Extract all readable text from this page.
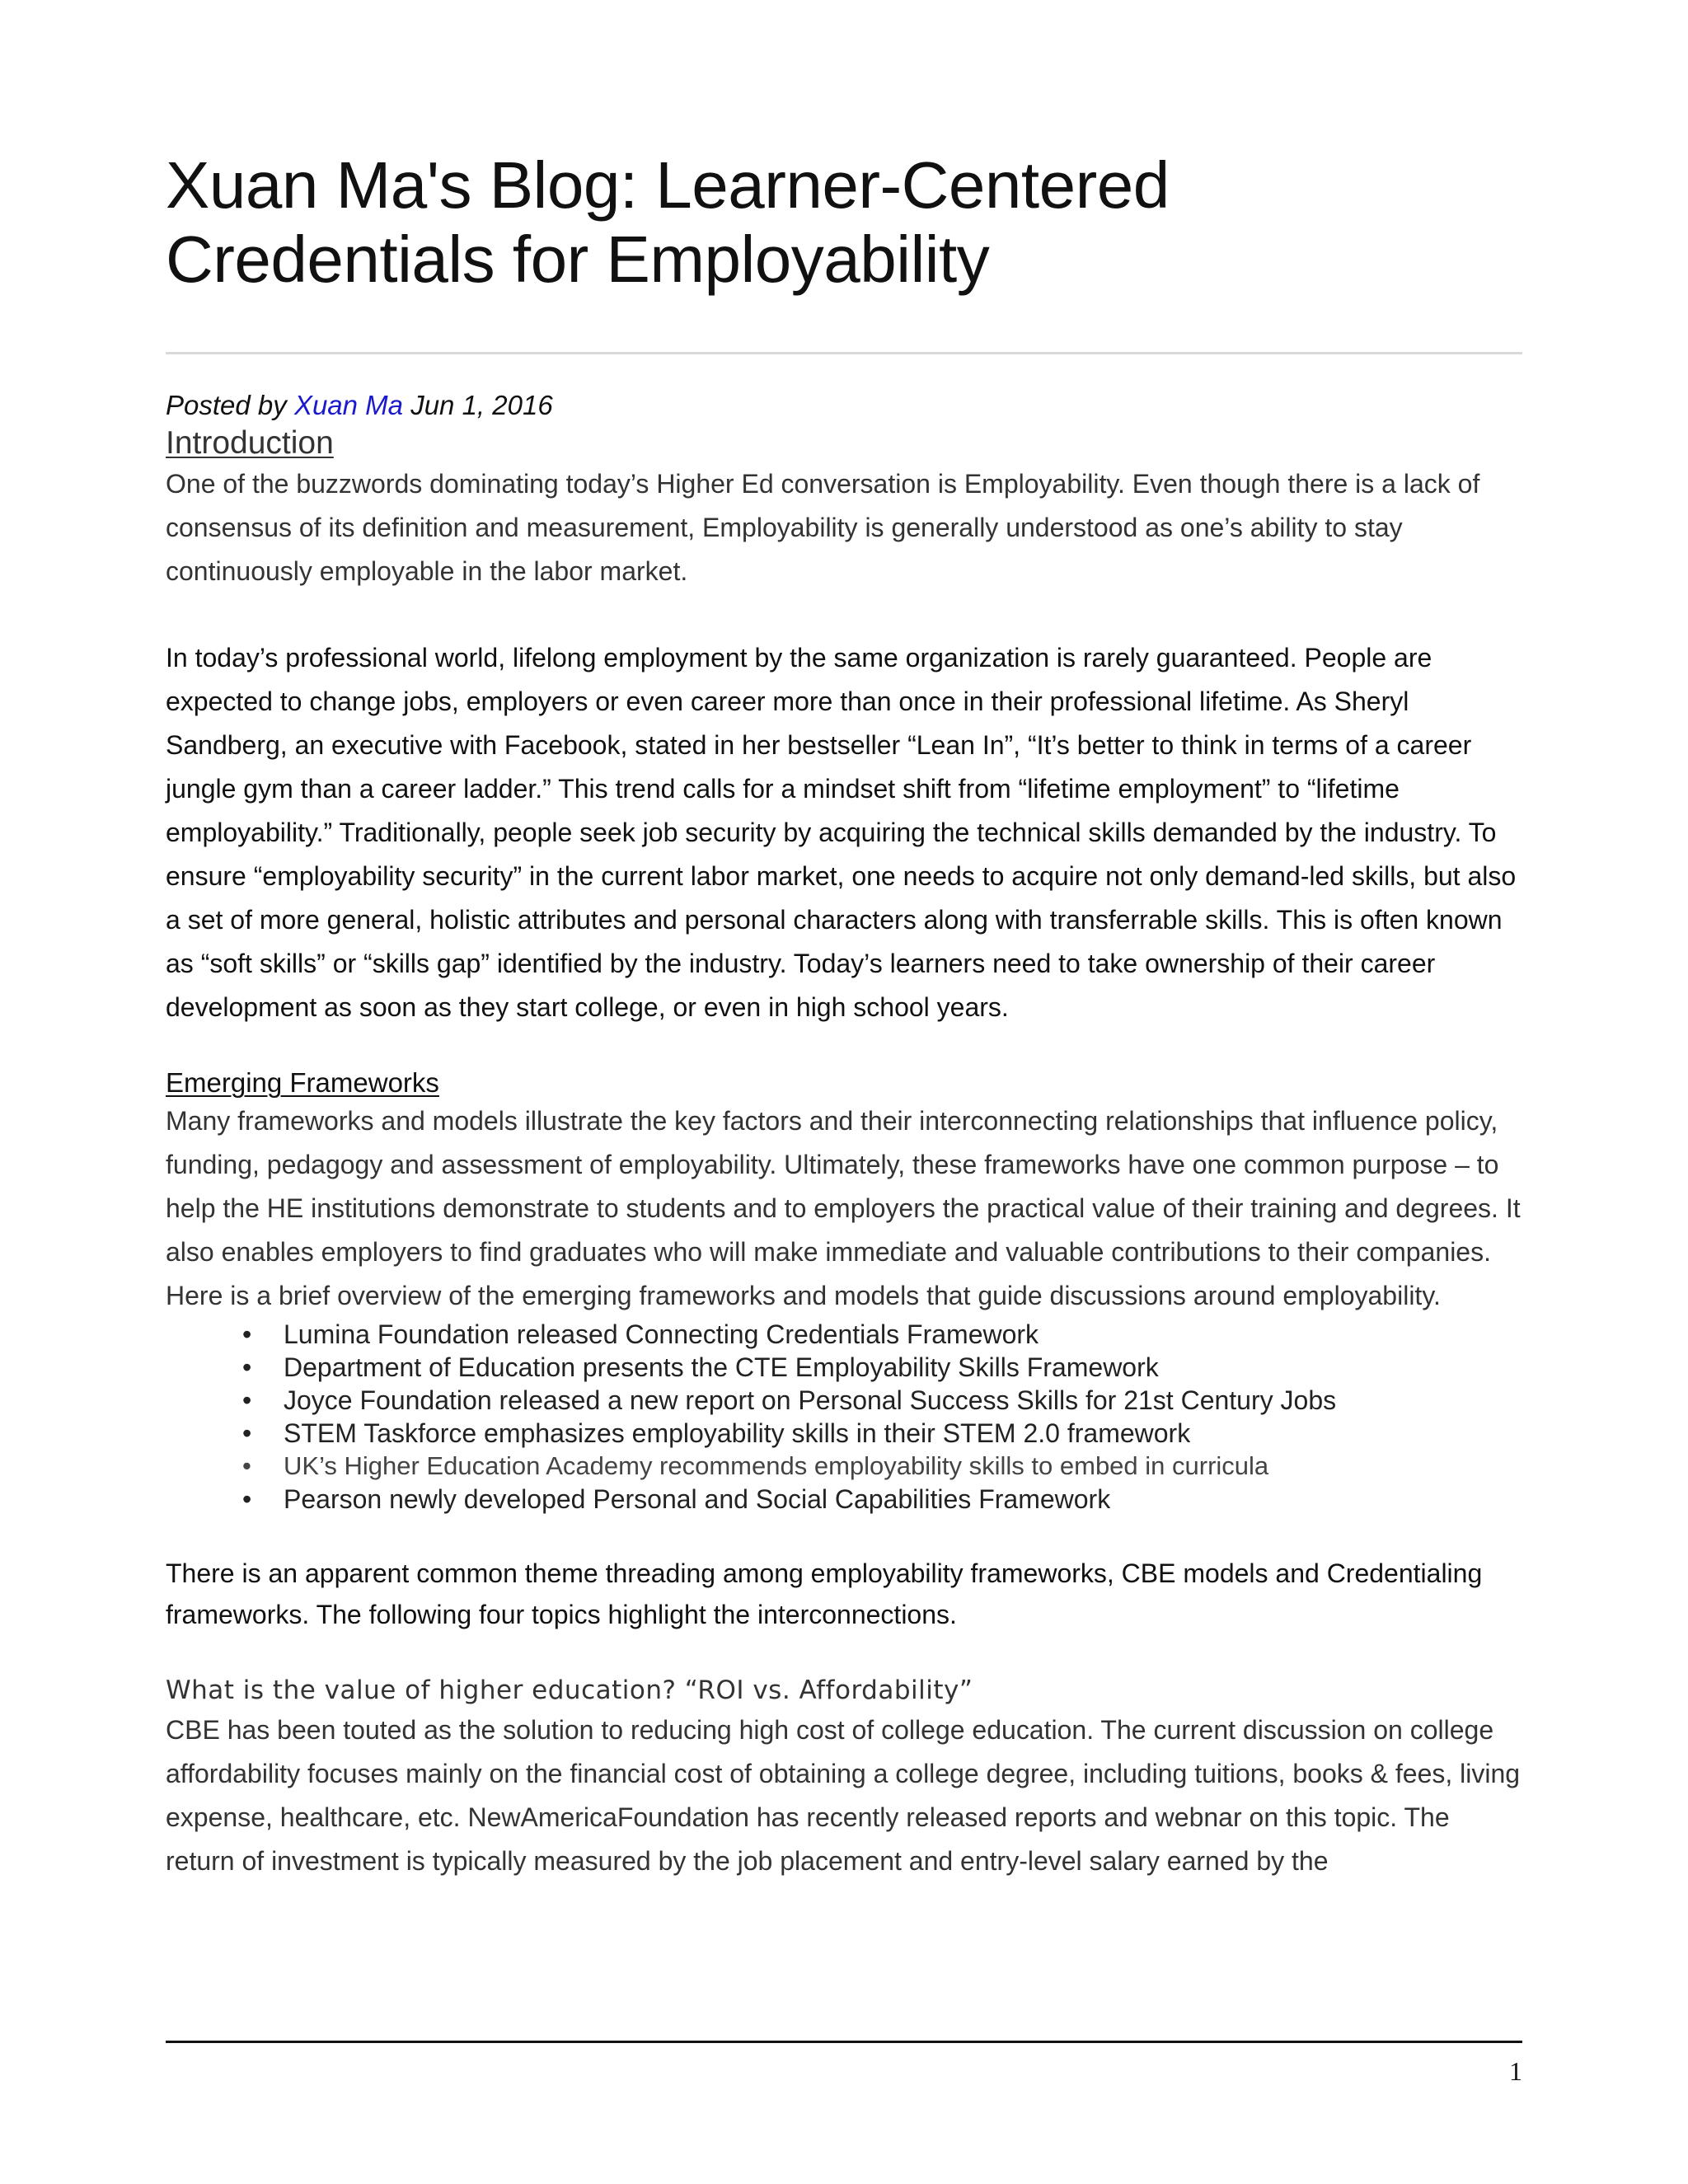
Xuan Ma's Blog: Learner-Centered
Credentials for Employability
Posted by Xuan Ma Jun 1, 2016
Introduction

One of the buzzwords dominating today’s Higher Ed conversation is Employability. Even though there is a lack of consensus of its definition and measurement, Employability is generally understood as one’s ability to stay continuously employable in the labor market.

In today’s professional world, lifelong employment by the same organization is rarely guaranteed. People are expected to change jobs, employers or even career more than once in their professional lifetime. As Sheryl Sandberg, an executive with Facebook, stated in her bestseller “Lean In”, “It’s better to think in terms of a career jungle gym than a career ladder.” This trend calls for a mindset shift from “lifetime employment” to “lifetime employability.” Traditionally, people seek job security by acquiring the technical skills demanded by the industry. To ensure “employability security” in the current labor market, one needs to acquire not only demand-led skills, but also a set of more general, holistic attributes and personal characters along with transferrable skills. This is often known as “soft skills” or “skills gap” identified by the industry. Today’s learners need to take ownership of their career development as soon as they start college, or even in high school years.

Emerging Frameworks

Many frameworks and models illustrate the key factors and their interconnecting relationships that influence policy, funding, pedagogy and assessment of employability. Ultimately, these frameworks have one common purpose – to help the HE institutions demonstrate to students and to employers the practical value of their training and degrees. It also enables employers to find graduates who will make immediate and valuable contributions to their companies. Here is a brief overview of the emerging frameworks and models that guide discussions around employability.

• Lumina Foundation released Connecting Credentials Framework
• Department of Education presents the CTE Employability Skills Framework
• Joyce Foundation released a new report on Personal Success Skills for 21st Century Jobs
• STEM Taskforce emphasizes employability skills in their STEM 2.0 framework
• UK’s Higher Education Academy recommends employability skills to embed in curricula
• Pearson newly developed Personal and Social Capabilities Framework

There is an apparent common theme threading among employability frameworks, CBE models and Credentialing frameworks. The following four topics highlight the interconnections.

What is the value of higher education? “ROI vs. Affordability”

CBE has been touted as the solution to reducing high cost of college education. The current discussion on college affordability focuses mainly on the financial cost of obtaining a college degree, including tuitions, books & fees, living expense, healthcare, etc. NewAmericaFoundation has recently released reports and webnar on this topic. The return of investment is typically measured by the job placement and entry-level salary earned by the

1
